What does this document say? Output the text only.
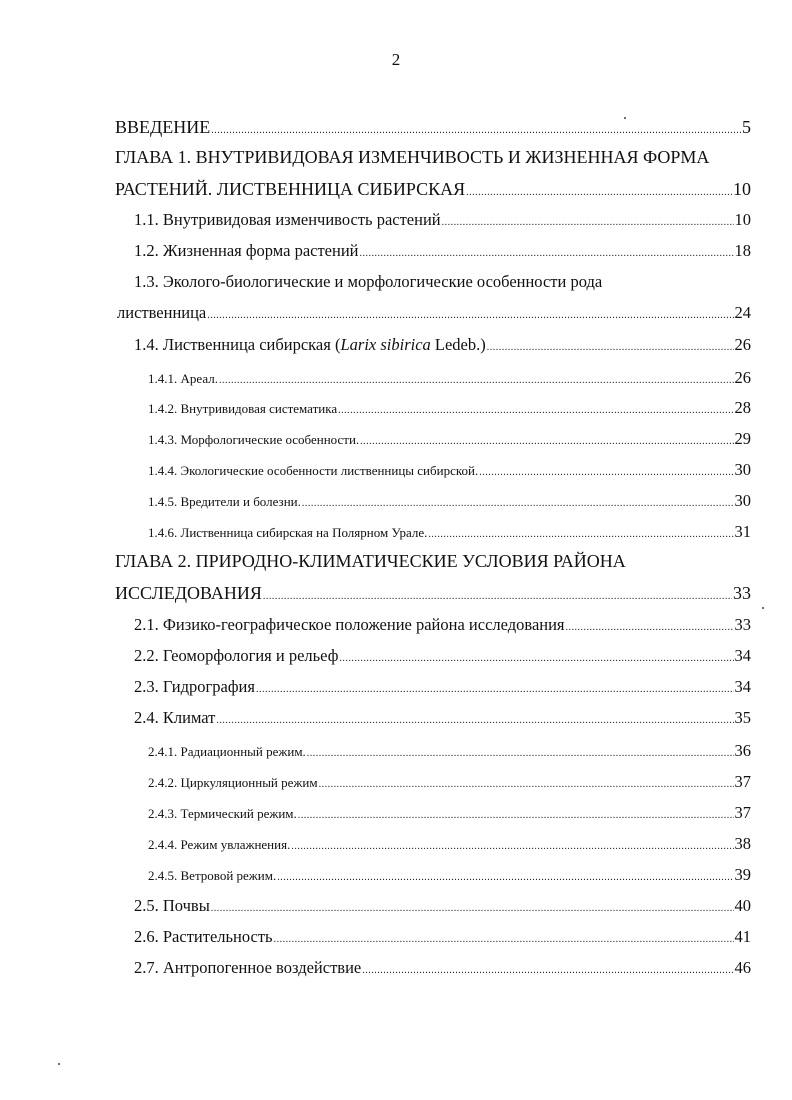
2
ВВЕДЕНИЕ .....	5
ГЛАВА 1. ВНУТРИВИДОВАЯ ИЗМЕНЧИВОСТЬ И ЖИЗНЕННАЯ ФОРМА
РАСТЕНИЙ. ЛИСТВЕННИЦА СИБИРСКАЯ .....	10
1.1. Внутривидовая изменчивость растений .....	10
1.2. Жизненная форма растений .....	18
1.3. Эколого-биологические и морфологические особенности рода
лиственница .....	24
1.4. Лиственница сибирская (Larix sibirica Ledeb.) .....	26
1.4.1. Ареал. .....	26
1.4.2. Внутривидовая систематика .....	28
1.4.3. Морфологические особенности. .....	29
1.4.4. Экологические особенности лиственницы сибирской. .....	30
1.4.5. Вредители и болезни. .....	30
1.4.6. Лиственница сибирская на Полярном Урале. .....	31
ГЛАВА 2. ПРИРОДНО-КЛИМАТИЧЕСКИЕ УСЛОВИЯ РАЙОНА
ИССЛЕДОВАНИЯ .....	33
2.1. Физико-географическое положение района исследования .....	33
2.2. Геоморфология и рельеф .....	34
2.3. Гидрография .....	34
2.4. Климат .....	35
2.4.1. Радиационный режим. .....	36
2.4.2. Циркуляционный режим .....	37
2.4.3. Термический режим. .....	37
2.4.4. Режим увлажнения. .....	38
2.4.5. Ветровой режим. .....	39
2.5. Почвы .....	40
2.6. Растительность .....	41
2.7. Антропогенное воздействие .....	46
